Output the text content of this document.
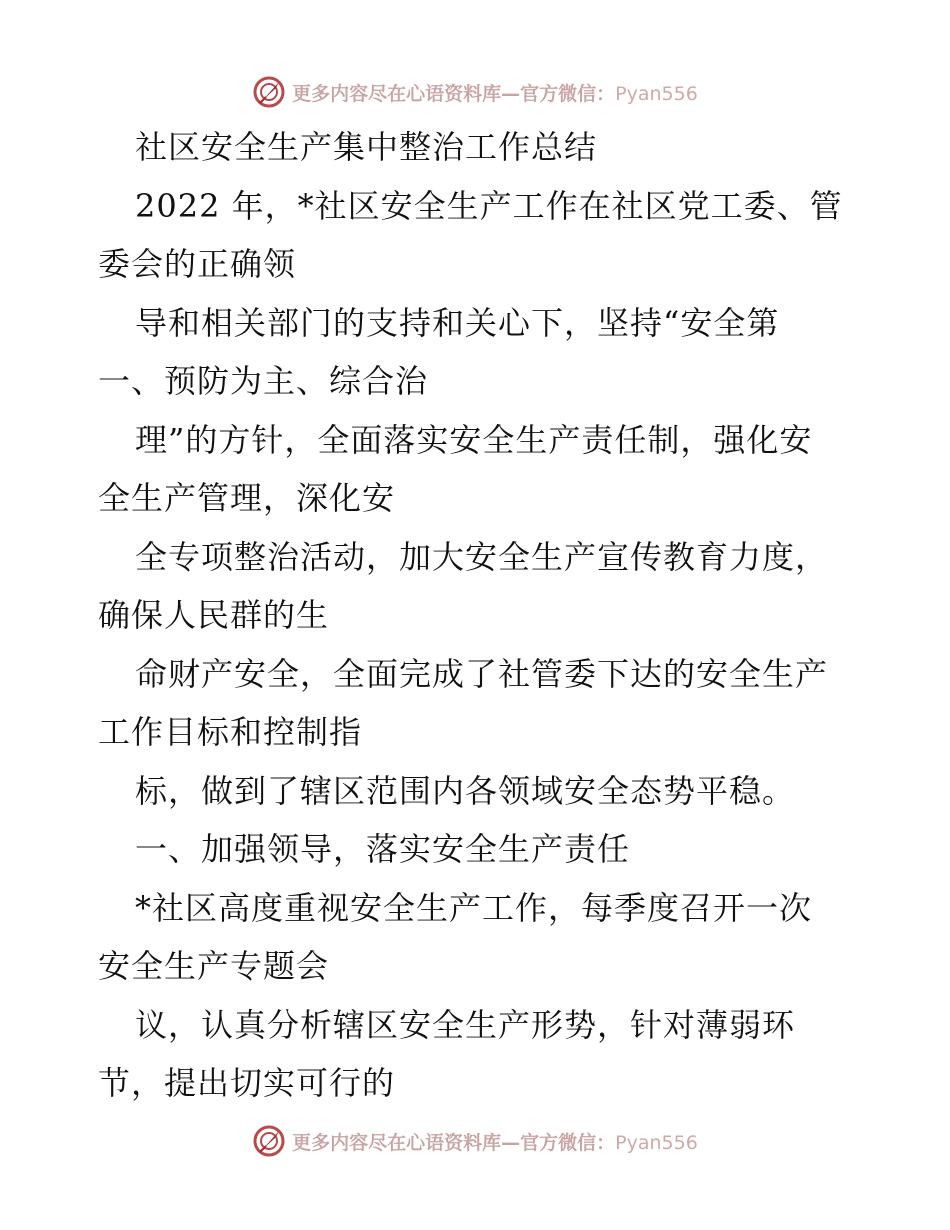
更多内容尽在心语资料库—官方微信：Pyan556
社区安全生产集中整治工作总结
2022 年，*社区安全生产工作在社区党工委、管
委会的正确领
导和相关部门的支持和关心下，坚持“安全第
一、预防为主、综合治
理”的方针，全面落实安全生产责任制，强化安
全生产管理，深化安
全专项整治活动，加大安全生产宣传教育力度，
确保人民群的生
命财产安全，全面完成了社管委下达的安全生产
工作目标和控制指
标，做到了辖区范围内各领域安全态势平稳。
一、加强领导，落实安全生产责任
*社区高度重视安全生产工作，每季度召开一次
安全生产专题会
议，认真分析辖区安全生产形势，针对薄弱环
节，提出切实可行的
更多内容尽在心语资料库—官方微信：Pyan556
